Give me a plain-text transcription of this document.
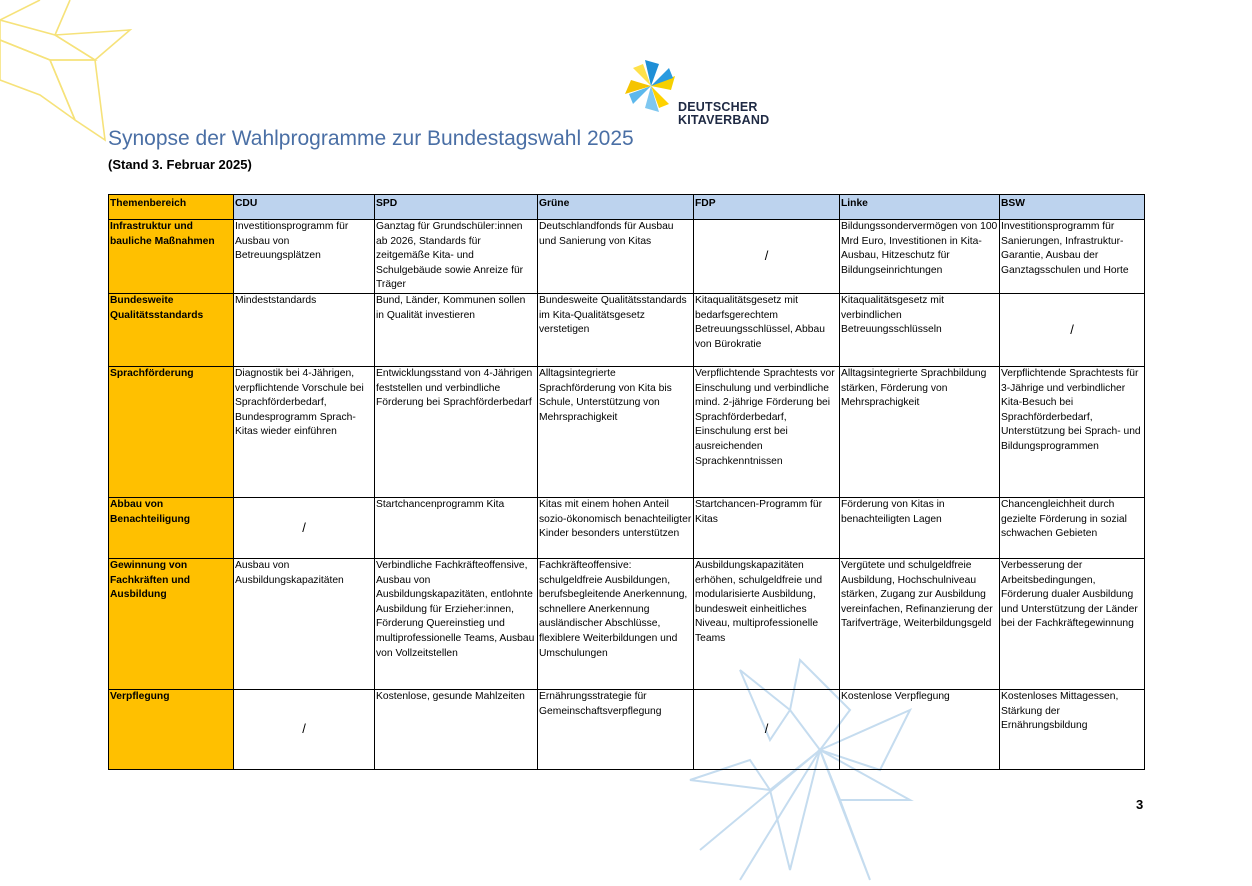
DEUTSCHER
KITAVERBAND
Synopse der Wahlprogramme zur Bundestagswahl 2025
(Stand 3. Februar 2025)
Themenbereich	CDU	SPD	Grüne	FDP	Linke	BSW
Infrastruktur und bauliche Maßnahmen	Investitionsprogramm für Ausbau von Betreuungsplätzen	Ganztag für Grundschüler:innen ab 2026, Standards für zeitgemäße Kita- und Schulgebäude sowie Anreize für Träger	Deutschlandfonds für Ausbau und Sanierung von Kitas	/	Bildungssondervermögen von 100 Mrd Euro, Investitionen in Kita-Ausbau, Hitzeschutz für Bildungseinrichtungen	Investitionsprogramm für Sanierungen, Infrastruktur-Garantie, Ausbau der Ganztagsschulen und Horte
Bundesweite Qualitätsstandards	Mindeststandards	Bund, Länder, Kommunen sollen in Qualität investieren	Bundesweite Qualitätsstandards im Kita-Qualitätsgesetz verstetigen	Kitaqualitätsgesetz mit bedarfsgerechtem Betreuungsschlüssel, Abbau von Bürokratie	Kitaqualitätsgesetz mit verbindlichen Betreuungsschlüsseln	/
Sprachförderung	Diagnostik bei 4-Jährigen, verpflichtende Vorschule bei Sprachförderbedarf, Bundesprogramm Sprach-Kitas wieder einführen	Entwicklungsstand von 4-Jährigen feststellen und verbindliche Förderung bei Sprachförderbedarf	Alltagsintegrierte Sprachförderung von Kita bis Schule, Unterstützung von Mehrsprachigkeit	Verpflichtende Sprachtests vor Einschulung und verbindliche mind. 2-jährige Förderung bei Sprachförderbedarf, Einschulung erst bei ausreichenden Sprachkenntnissen	Alltagsintegrierte Sprachbildung stärken, Förderung von Mehrsprachigkeit	Verpflichtende Sprachtests für 3-Jährige und verbindlicher Kita-Besuch bei Sprachförderbedarf, Unterstützung bei Sprach- und Bildungsprogrammen
Abbau von Benachteiligung	/	Startchancenprogramm Kita	Kitas mit einem hohen Anteil sozio-ökonomisch benachteiligter Kinder besonders unterstützen	Startchancen-Programm für Kitas	Förderung von Kitas in benachteiligten Lagen	Chancengleichheit durch gezielte Förderung in sozial schwachen Gebieten
Gewinnung von Fachkräften und Ausbildung	Ausbau von Ausbildungskapazitäten	Verbindliche Fachkräfteoffensive, Ausbau von Ausbildungskapazitäten, entlohnte Ausbildung für Erzieher:innen, Förderung Quereinstieg und multiprofessionelle Teams, Ausbau von Vollzeitstellen	Fachkräfteoffensive: schulgeldfreie Ausbildungen, berufsbegleitende Anerkennung, schnellere Anerkennung ausländischer Abschlüsse, flexiblere Weiterbildungen und Umschulungen	Ausbildungskapazitäten erhöhen, schulgeldfreie und modularisierte Ausbildung, bundesweit einheitliches Niveau, multiprofessionelle Teams	Vergütete und schulgeldfreie Ausbildung, Hochschulniveau stärken, Zugang zur Ausbildung vereinfachen, Refinanzierung der Tarifverträge, Weiterbildungsgeld	Verbesserung der Arbeitsbedingungen, Förderung dualer Ausbildung und Unterstützung der Länder bei der Fachkräftegewinnung
Verpflegung	/	Kostenlose, gesunde Mahlzeiten	Ernährungsstrategie für Gemeinschaftsverpflegung	/	Kostenlose Verpflegung	Kostenloses Mittagessen, Stärkung der Ernährungsbildung
3
